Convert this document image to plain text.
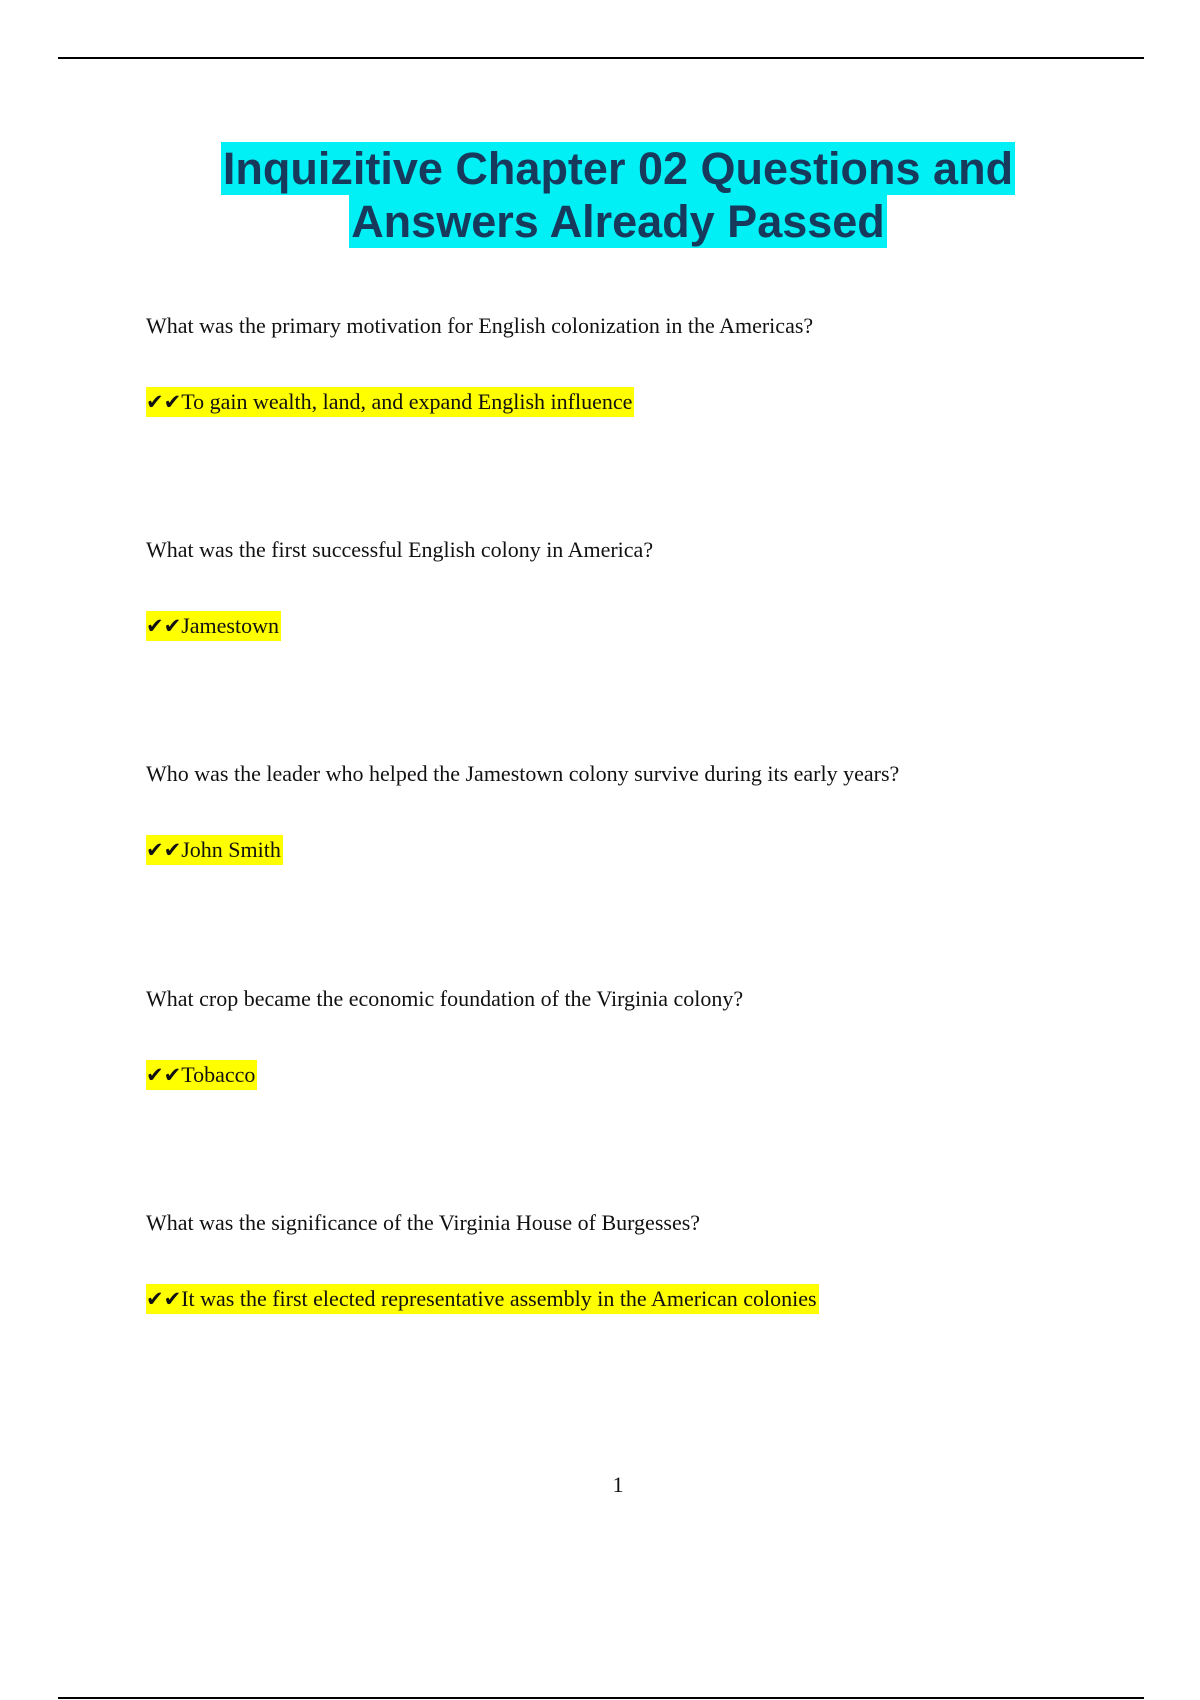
Inquizitive Chapter 02 Questions and
Answers Already Passed

What was the primary motivation for English colonization in the Americas?

✔✔To gain wealth, land, and expand English influence

What was the first successful English colony in America?

✔✔Jamestown

Who was the leader who helped the Jamestown colony survive during its early years?

✔✔John Smith

What crop became the economic foundation of the Virginia colony?

✔✔Tobacco

What was the significance of the Virginia House of Burgesses?

✔✔It was the first elected representative assembly in the American colonies
1
